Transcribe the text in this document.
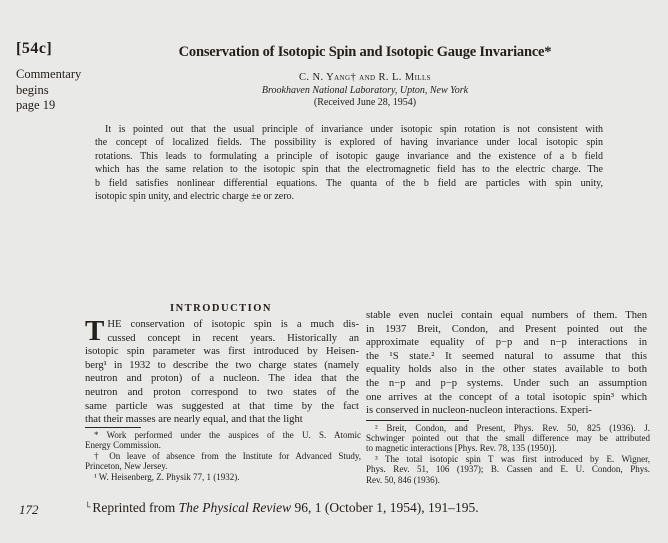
[54c]
Commentary
begins
page 19
Conservation of Isotopic Spin and Isotopic Gauge Invariance*
C. N. Yang† and R. L. Mills
Brookhaven National Laboratory, Upton, New York
(Received June 28, 1954)
It is pointed out that the usual principle of invariance under isotopic spin rotation is not consistent with
the concept of localized fields. The possibility is explored of having invariance under local isotopic spin
rotations. This leads to formulating a principle of isotopic gauge invariance and the existence of a b field
which has the same relation to the isotopic spin that the electromagnetic field has to the electric charge. The
b field satisfies nonlinear differential equations. The quanta of the b field are particles with spin unity,
isotopic spin unity, and electric charge ±e or zero.
INTRODUCTION
T HE conservation of isotopic spin is a much dis-
cussed concept in recent years. Historically an
isotopic spin parameter was first introduced by Heisen-
berg¹ in 1932 to describe the two charge states (namely
neutron and proton) of a nucleon. The idea that the
neutron and proton correspond to two states of the
same particle was suggested at that time by the fact
that their masses are nearly equal, and that the light
stable even nuclei contain equal numbers of them. Then
in 1937 Breit, Condon, and Present pointed out the
approximate equality of p−p and n−p interactions in
the ¹S state.² It seemed natural to assume that this
equality holds also in the other states available to both
the n−p and p−p systems. Under such an assumption
one arrives at the concept of a total isotopic spin³ which
is conserved in nucleon-nucleon interactions. Experi-
* Work performed under the auspices of the U. S. Atomic
Energy Commission.
† On leave of absence from the Institute for Advanced Study,
Princeton, New Jersey.
¹ W. Heisenberg, Z. Physik 77, 1 (1932).
² Breit, Condon, and Present, Phys. Rev. 50, 825 (1936). J.
Schwinger pointed out that the small difference may be attributed
to magnetic interactions [Phys. Rev. 78, 135 (1950)].
³ The total isotopic spin T was first introduced by E. Wigner,
Phys. Rev. 51, 106 (1937); B. Cassen and E. U. Condon, Phys.
Rev. 50, 846 (1936).
172	└ Reprinted from The Physical Review 96, 1 (October 1, 1954), 191–195.
